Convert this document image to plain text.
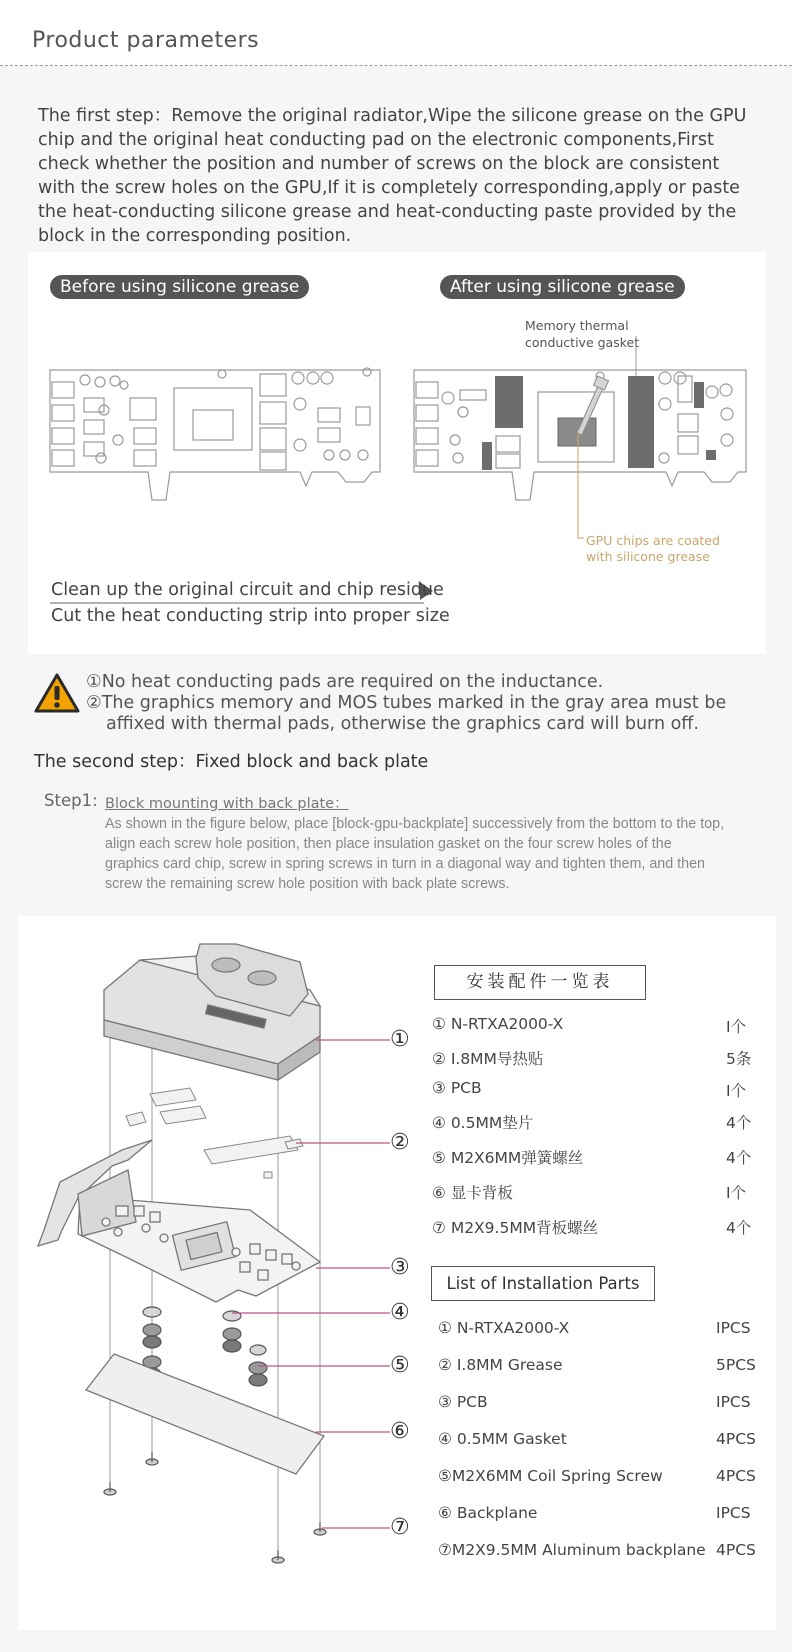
Product parameters
The first step：Remove the original radiator,Wipe the silicone grease on the GPU chip and the original heat conducting pad on the electronic components,First check whether the position and number of screws on the block are consistent with the screw holes on the GPU,If it is completely corresponding,apply or paste the heat-conducting silicone grease and heat-conducting paste provided by the block in the corresponding position.
Before using silicone grease	After using silicone grease
Memory thermal
conductive gasket
GPU chips are coated
with silicone grease
Clean up the original circuit and chip residue
Cut the heat conducting strip into proper size
①No heat conducting pads are required on the inductance.
②The graphics memory and MOS tubes marked in the gray area must be
affixed with thermal pads, otherwise the graphics card will burn off.
The second step：Fixed block and back plate
Step1: Block mounting with back plate：
As shown in the figure below, place [block-gpu-backplate] successively from the bottom to the top, align each screw hole position, then place insulation gasket on the four screw holes of the graphics card chip, screw in spring screws in turn in a diagonal way and tighten them, and then screw the remaining screw hole position with back plate screws.
①
②
③
④
⑤
⑥
⑦
安装配件一览表
① N-RTXA2000-X	I个
② I.8MM导热贴	5条
③ PCB	I个
④ 0.5MM垫片	4个
⑤ M2X6MM弹簧螺丝	4个
⑥ 显卡背板	I个
⑦ M2X9.5MM背板螺丝	4个
List of Installation Parts
① N-RTXA2000-X	IPCS
② I.8MM Grease	5PCS
③ PCB	IPCS
④ 0.5MM Gasket	4PCS
⑤M2X6MM Coil Spring Screw	4PCS
⑥ Backplane	IPCS
⑦M2X9.5MM Aluminum backplane 4PCS
